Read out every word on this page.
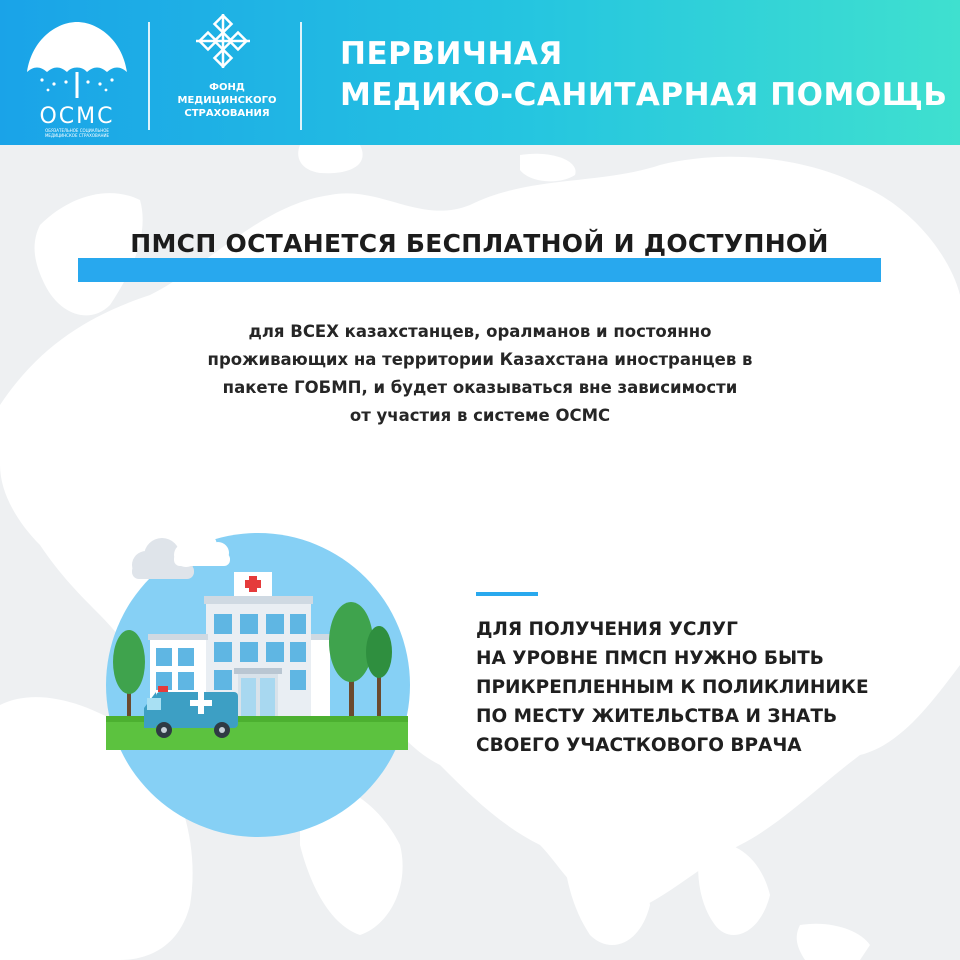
ОСМС
ОБЯЗАТЕЛЬНОЕ СОЦИАЛЬНОЕ
МЕДИЦИНСКОЕ СТРАХОВАНИЕ
ФОНД
МЕДИЦИНСКОГО
СТРАХОВАНИЯ
ПЕРВИЧНАЯ
МЕДИКО-САНИТАРНАЯ ПОМОЩЬ
ПМСП ОСТАНЕТСЯ БЕСПЛАТНОЙ И ДОСТУПНОЙ
для ВСЕХ казахстанцев, оралманов и постоянно
проживающих на территории Казахстана иностранцев в
пакете ГОБМП, и будет оказываться вне зависимости
от участия в системе ОСМС
ДЛЯ ПОЛУЧЕНИЯ УСЛУГ
НА УРОВНЕ ПМСП НУЖНО БЫТЬ
ПРИКРЕПЛЕННЫМ К ПОЛИКЛИНИКЕ
ПО МЕСТУ ЖИТЕЛЬСТВА И ЗНАТЬ
СВОЕГО УЧАСТКОВОГО ВРАЧА
